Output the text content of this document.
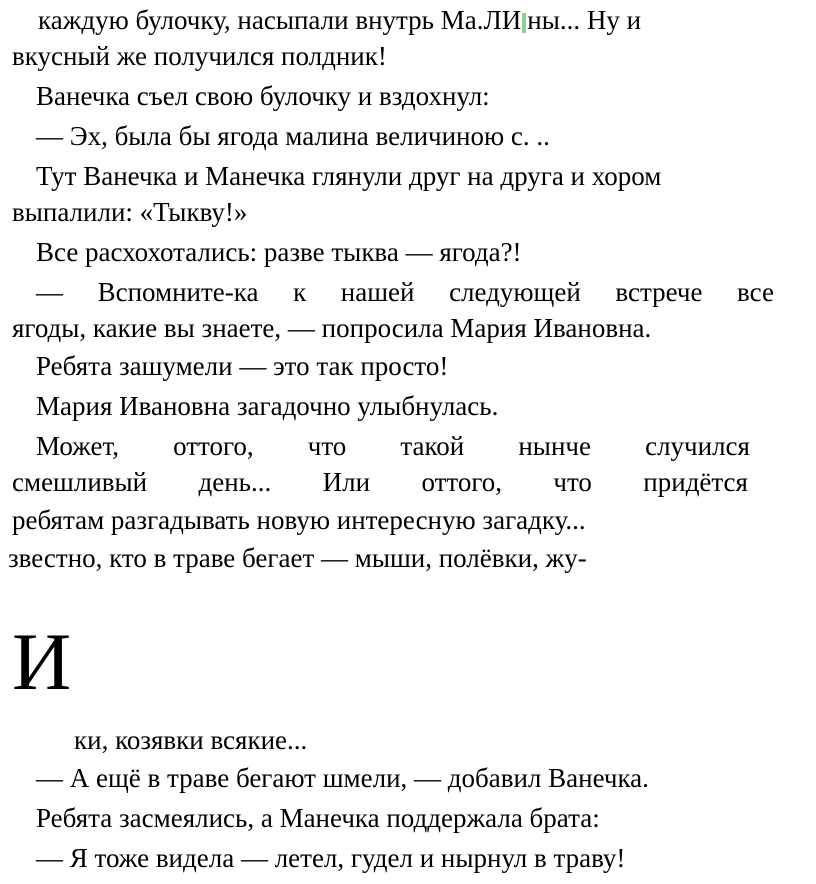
каждую булочку, насыпали внутрь Ма.ЛИ ны... Ну и
вкусный же получился полдник!
Ванечка съел свою булочку и вздохнул:
— Эх, была бы ягода малина величиною с. ..
Тут Ванечка и Манечка глянули друг на друга и хором
выпалили: «Тыкву!»
Все расхохотались: разве тыква — ягода?!
— Вспомните-ка к нашей следующей встрече все
ягоды, какие вы знаете, — попросила Мария Ивановна.
Ребята зашумели — это так просто!
Мария Ивановна загадочно улыбнулась.
Может, оттого, что такой нынче случился
смешливый день... Или оттого, что придётся
ребятам разгадывать новую интересную загадку...
звестно, кто в траве бегает — мыши, полёвки, жу-
И
ки, козявки всякие...
— А ещё в траве бегают шмели, — добавил Ванечка.
Ребята засмеялись, а Манечка поддержала брата:
— Я тоже видела — летел, гудел и нырнул в траву!
